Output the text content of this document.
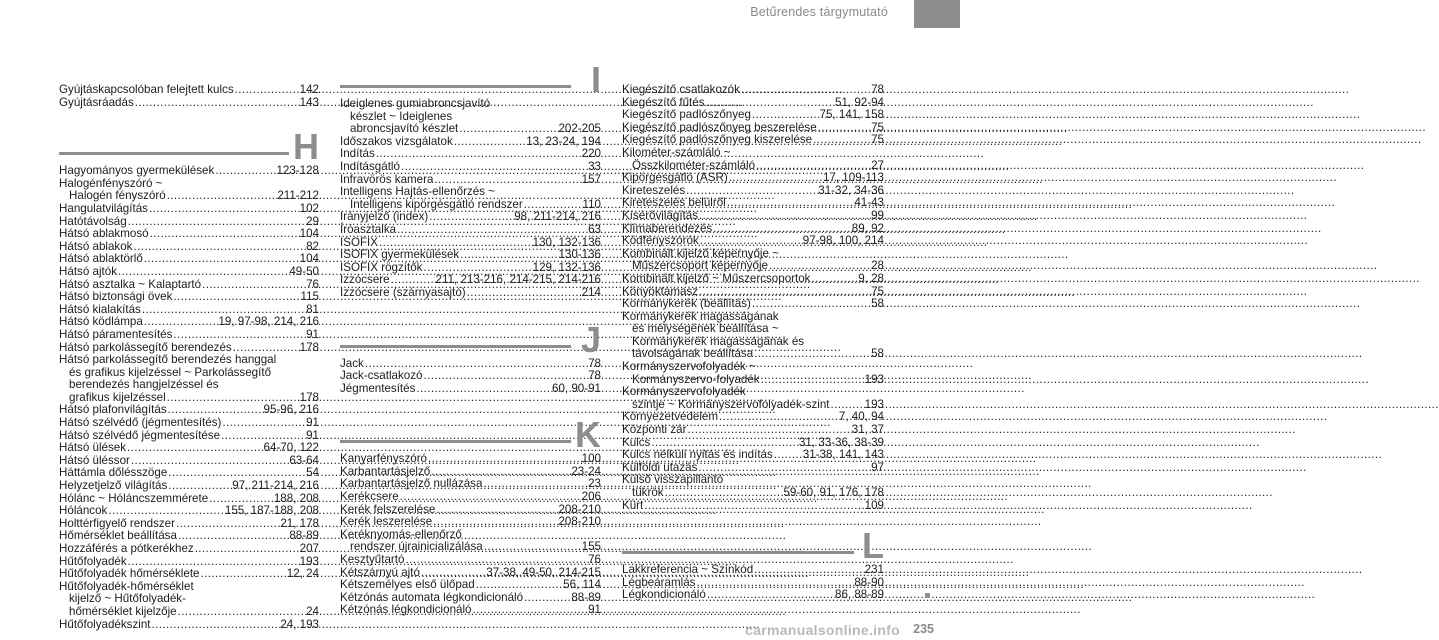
Betűrendes tárgymutató
Gyújtáskapcsolóban felejtett kulcs .....	142
Gyújtásráadás .....	143
H
Hagyományos gyermekülések .....	123-128
Halogénfényszóró ~
Halogén fényszóró .....	211-212
Hangulatvilágítás .....	102
Hatótávolság .....	29
Hátsó ablakmosó .....	104
Hátsó ablakok .....	82
Hátsó ablaktörlő .....	104
Hátsó ajtók .....	49-50
Hátsó asztalka ~ Kalaptartó .....	76
Hátsó biztonsági övek .....	115
Hátsó kialakítás .....	81
Hátsó ködlámpa .....	19, 97-98, 214, 216
Hátsó páramentesítés .....	91
Hátsó parkolássegítő berendezés .....	178
Hátsó parkolássegítő berendezés hanggal
és grafikus kijelzéssel ~ Parkolássegítő
berendezés hangjelzéssel és
grafikus kijelzéssel .....	178
Hátsó plafonvilágítás .....	95-96, 216
Hátsó szélvédő (jégmentesítés) .....	91
Hátsó szélvédő jégmentesítése .....	91
Hátsó ülések .....	64-70, 122
Hátsó üléssor .....	63-64
Háttámla dőlésszöge .....	54
Helyzetjelző világítás .....	97, 211-214, 216
Hólánc ~ Hóláncszemmérete .....	188, 208
Hóláncok .....	155, 187-188, 208
Holttérfigyelő rendszer .....	21, 178
Hőmérséklet beállítása .....	88-89
Hozzáférés a pótkerékhez .....	207
Hűtőfolyadék .....	193
Hűtőfolyadék hőmérséklete .....	12, 24
Hűtőfolyadék-hőmérséklet
kijelző ~ Hűtőfolyadék-
hőmérséklet kijelzője .....	24
Hűtőfolyadékszint .....	24, 193
I
Ideiglenes gumiabroncsjavító
készlet ~ Ideiglenes
abroncsjavító készlet .....	202-205
Időszakos vizsgálatok .....	13, 23-24, 194
Indítás .....	220
Indításgátló .....	33
Infravörös kamera .....	157
Intelligens Hajtás-ellenőrzés ~
Intelligens kipörgésgátló rendszer .....	110
Irányjelző (index) .....	98, 211-214, 216
Íróasztalka .....	63
ISOFIX .....	130, 132-136
ISOFIX gyermekülések .....	130-136
ISOFIX rögzítők .....	129, 132-136
Izzócsere .....	211, 213-216, 214-215, 214-216
Izzócsere (szárnyasajtó) .....	214
J
Jack .....	78
Jack-csatlakozó .....	78
Jégmentesítés .....	60, 90-91
K
Kanyarfényszóró .....	100
Karbantartásjelző .....	23-24
Karbantartásjelző nullázása .....	23
Kerékcsere .....	206
Kerék felszerelése .....	208-210
Kerék leszerelése .....	208-210
Keréknyomás-ellenőrző
rendszer újrainicializálása .....	155
Kesztyűtartó .....	76
Kétszárnyú ajtó .....	37-38, 49-50, 214-215
Kétszemélyes első ülőpad .....	56, 114
Kétzónás automata légkondicionáló .....	88-89
Kétzónás légkondicionáló .....	91
Kiegészítő csatlakozók .....	78
Kiegészítő fűtés .....	51, 92-94
Kiegészítő padlószőnyeg .....	75, 141, 158
Kiegészítő padlószőnyeg beszerelése .....	75
Kiegészítő padlószőnyeg kiszerelése .....	75
Kilométer-számláló ~
Összkilométer-számláló .....	27
Kipörgésgátló (ASR) .....	17, 109-113
Kireteszelés .....	31-32, 34-36
Kireteszelés belülről .....	41-43
Kísérővilágítás .....	99
Klímaberendezés .....	89, 92
Ködfényszórók .....	97-98, 100, 214
Kombinált kijelző képernyője ~
Műszercsoport képernyője .....	28
Kombinált kijelző ~ Műszercsoportok .....	9, 28
Könyöktámasz .....	75
Kormánykerék (beállítás) .....	58
Kormánykerék magasságának
és mélységének beállítása ~
Kormánykerék magasságának és
távolságának beállítása .....	58
Kormányszervofolyadék ~
Kormányszervo-folyadék .....	193
Kormányszervofolyadék
szintje ~ Kormányszervofolyadék-szint .....	193
Környezetvédelem .....	7, 40, 94
Központi zár .....	31, 37
Kulcs .....	31, 33-36, 38-39
Kulcs nélküli nyitás és indítás .....	31-38, 141, 143
Külföldi utazás .....	97
Külső visszapillantó
tükrök .....	59-60, 91, 176, 178
Kürt .....	109
L
Lakkreferencia ~ Színkód .....	231
Légbeáramlás .....	88-90
Légkondicionáló .....	86, 88-89
carmanualsonline.info 235
